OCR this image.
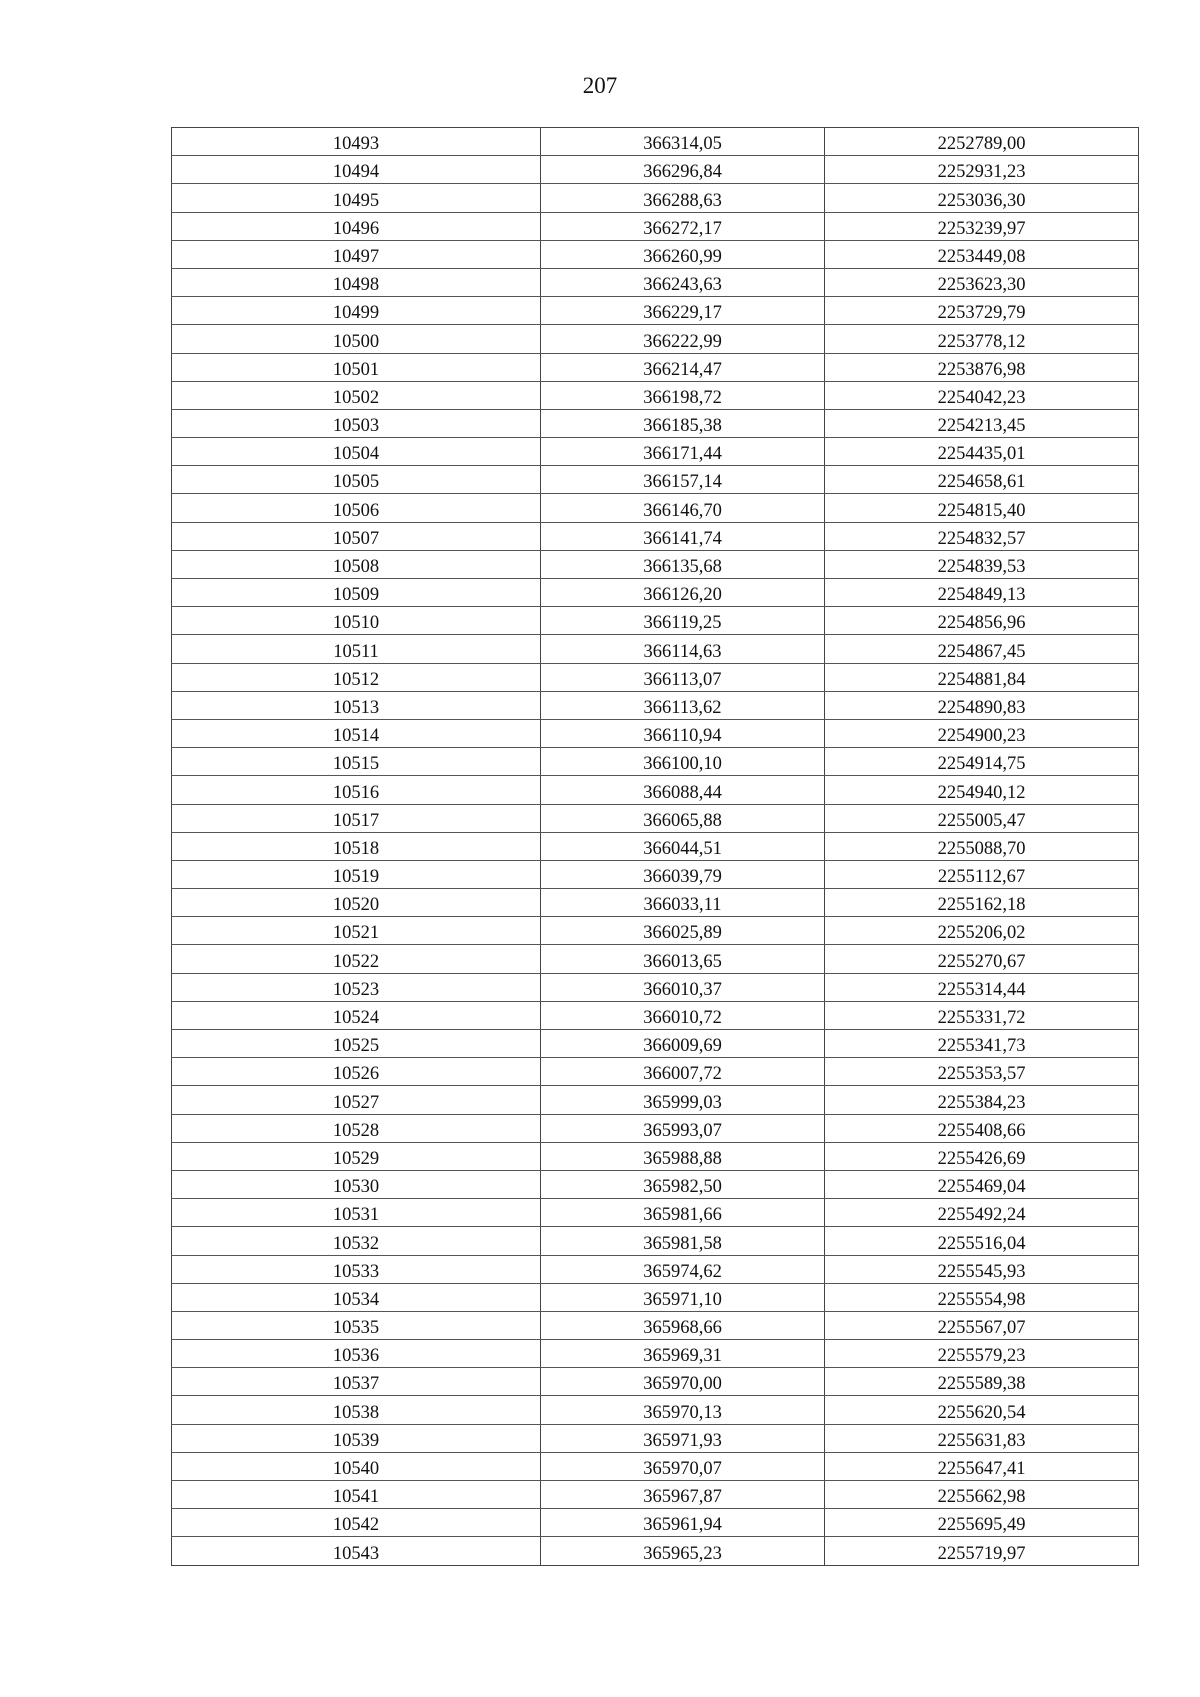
207
10493	366314,05	2252789,00
10494	366296,84	2252931,23
10495	366288,63	2253036,30
10496	366272,17	2253239,97
10497	366260,99	2253449,08
10498	366243,63	2253623,30
10499	366229,17	2253729,79
10500	366222,99	2253778,12
10501	366214,47	2253876,98
10502	366198,72	2254042,23
10503	366185,38	2254213,45
10504	366171,44	2254435,01
10505	366157,14	2254658,61
10506	366146,70	2254815,40
10507	366141,74	2254832,57
10508	366135,68	2254839,53
10509	366126,20	2254849,13
10510	366119,25	2254856,96
10511	366114,63	2254867,45
10512	366113,07	2254881,84
10513	366113,62	2254890,83
10514	366110,94	2254900,23
10515	366100,10	2254914,75
10516	366088,44	2254940,12
10517	366065,88	2255005,47
10518	366044,51	2255088,70
10519	366039,79	2255112,67
10520	366033,11	2255162,18
10521	366025,89	2255206,02
10522	366013,65	2255270,67
10523	366010,37	2255314,44
10524	366010,72	2255331,72
10525	366009,69	2255341,73
10526	366007,72	2255353,57
10527	365999,03	2255384,23
10528	365993,07	2255408,66
10529	365988,88	2255426,69
10530	365982,50	2255469,04
10531	365981,66	2255492,24
10532	365981,58	2255516,04
10533	365974,62	2255545,93
10534	365971,10	2255554,98
10535	365968,66	2255567,07
10536	365969,31	2255579,23
10537	365970,00	2255589,38
10538	365970,13	2255620,54
10539	365971,93	2255631,83
10540	365970,07	2255647,41
10541	365967,87	2255662,98
10542	365961,94	2255695,49
10543	365965,23	2255719,97
